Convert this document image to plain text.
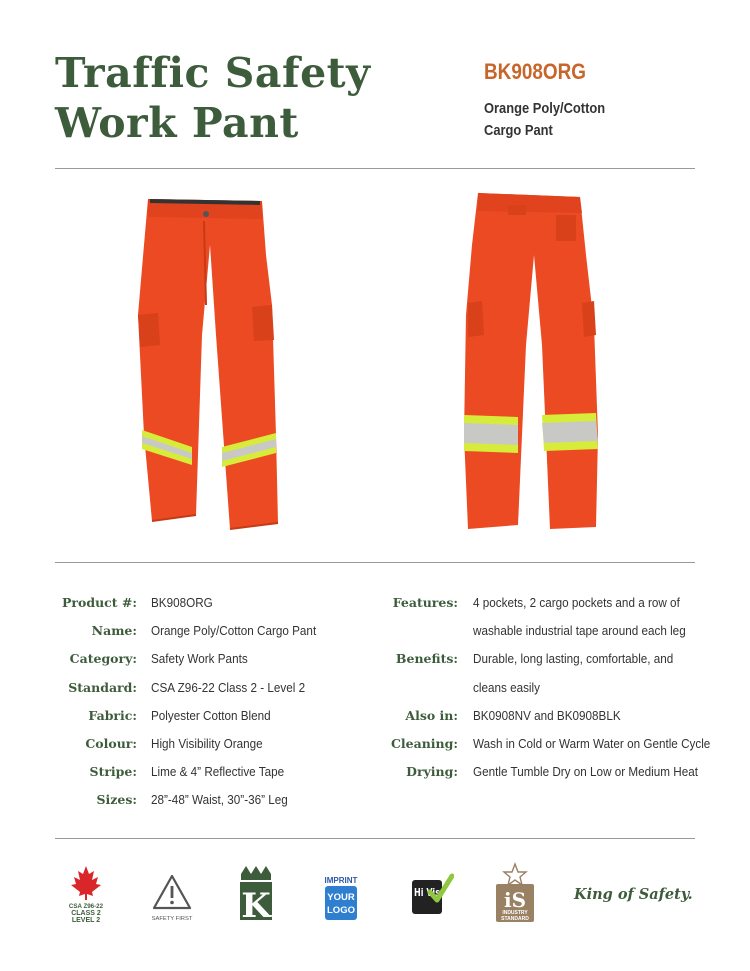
Traffic Safety
Work Pant
BK908ORG
Orange Poly/Cotton
Cargo Pant
Product #: BK908ORG
Name: Orange Poly/Cotton Cargo Pant
Category: Safety Work Pants
Standard: CSA Z96-22 Class 2 - Level 2
Fabric: Polyester Cotton Blend
Colour: High Visibility Orange
Stripe: Lime & 4” Reflective Tape
Sizes: 28”-48” Waist, 30”-36” Leg
Features: 4 pockets, 2 cargo pockets and a row of
washable industrial tape around each leg
Benefits: Durable, long lasting, comfortable, and
cleans easily
Also in: BK0908NV and BK0908BLK
Cleaning: Wash in Cold or Warm Water on Gentle Cycle
Drying: Gentle Tumble Dry on Low or Medium Heat
CSA Z96-22
CLASS 2
LEVEL 2	SAFETY FIRST K
IMPRINT
YOUR
LOGO
Hi Vis	iS
INDUSTRY
STANDARD
King of Safety.
